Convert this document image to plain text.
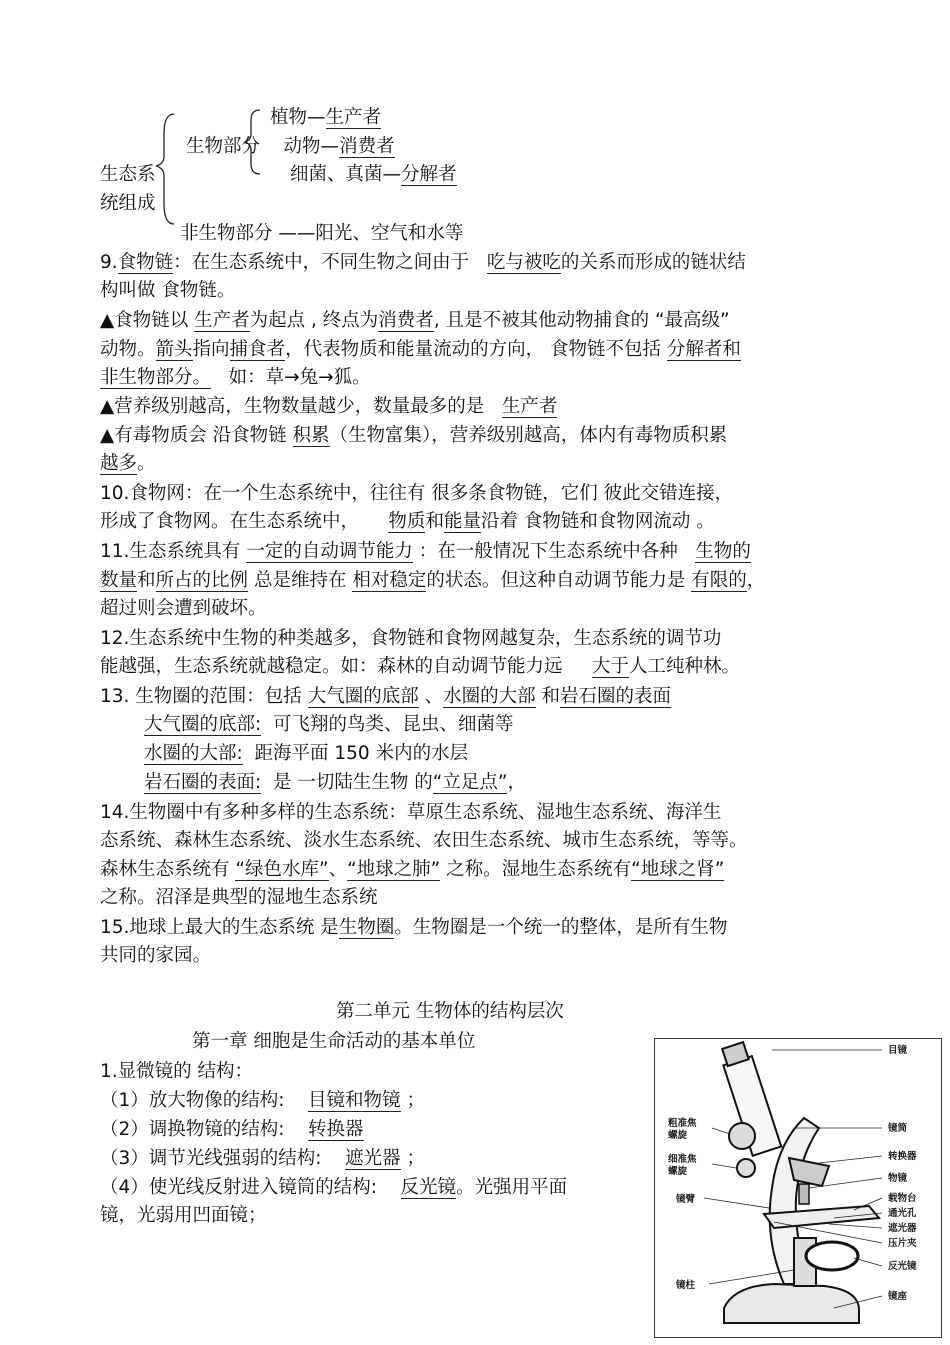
植物—生产者
生物部分 动物—消费者
生态系	细菌、真菌—分解者
统组成
非生物部分 ——阳光、空气和水等
9.食物链：在生态系统中，不同生物之间由于 吃与被吃的关系而形成的链状结
构叫做 食物链。
▲食物链以 生产者为起点 , 终点为消费者, 且是不被其他动物捕食的 “最高级”
动物。箭头指向捕食者，代表物质和能量流动的方向， 食物链不包括 分解者和
非生物部分。 如：草→兔→狐。
▲营养级别越高，生物数量越少，数量最多的是 生产者
▲有毒物质会 沿食物链 积累（生物富集），营养级别越高，体内有毒物质积累
越多。
10.食物网：在一个生态系统中，往往有 很多条食物链，它们 彼此交错连接，
形成了食物网。在生态系统中， 物质和能量沿着 食物链和食物网流动 。
11.生态系统具有 一定的自动调节能力 ：在一般情况下生态系统中各种 生物的
数量和所占的比例 总是维持在 相对稳定的状态。但这种自动调节能力是 有限的，
超过则会遭到破坏。
12.生态系统中生物的种类越多，食物链和食物网越复杂，生态系统的调节功
能越强，生态系统就越稳定。如：森林的自动调节能力远 大于人工纯种林。
13. 生物圈的范围：包括 大气圈的底部 、水圈的大部 和岩石圈的表面
大气圈的底部: 可飞翔的鸟类、昆虫、细菌等
水圈的大部: 距海平面 150 米内的水层
岩石圈的表面: 是 一切陆生生物 的“立足点”，
14.生物圈中有多种多样的生态系统：草原生态系统、湿地生态系统、海洋生
态系统、森林生态系统、淡水生态系统、农田生态系统、城市生态系统，等等。
森林生态系统有 “绿色水库”、“地球之肺” 之称。湿地生态系统有“地球之肾”
之称。沼泽是典型的湿地生态系统
15.地球上最大的生态系统 是生物圈。生物圈是一个统一的整体，是所有生物
共同的家园。
第二单元 生物体的结构层次
第一章 细胞是生命活动的基本单位
1.显微镜的 结构：
（1）放大物像的结构: 目镜和物镜 ；
（2）调换物镜的结构: 转换器
（3）调节光线强弱的结构: 遮光器 ；
（4）使光线反射进入镜筒的结构: 反光镜。光强用平面
镜，光弱用凹面镜；
目镜
镜筒
转换器
物镜
载物台
通光孔
遮光器
压片夹
反光镜
镜座
粗准焦
螺旋
细准焦
螺旋
镜臂
镜柱
